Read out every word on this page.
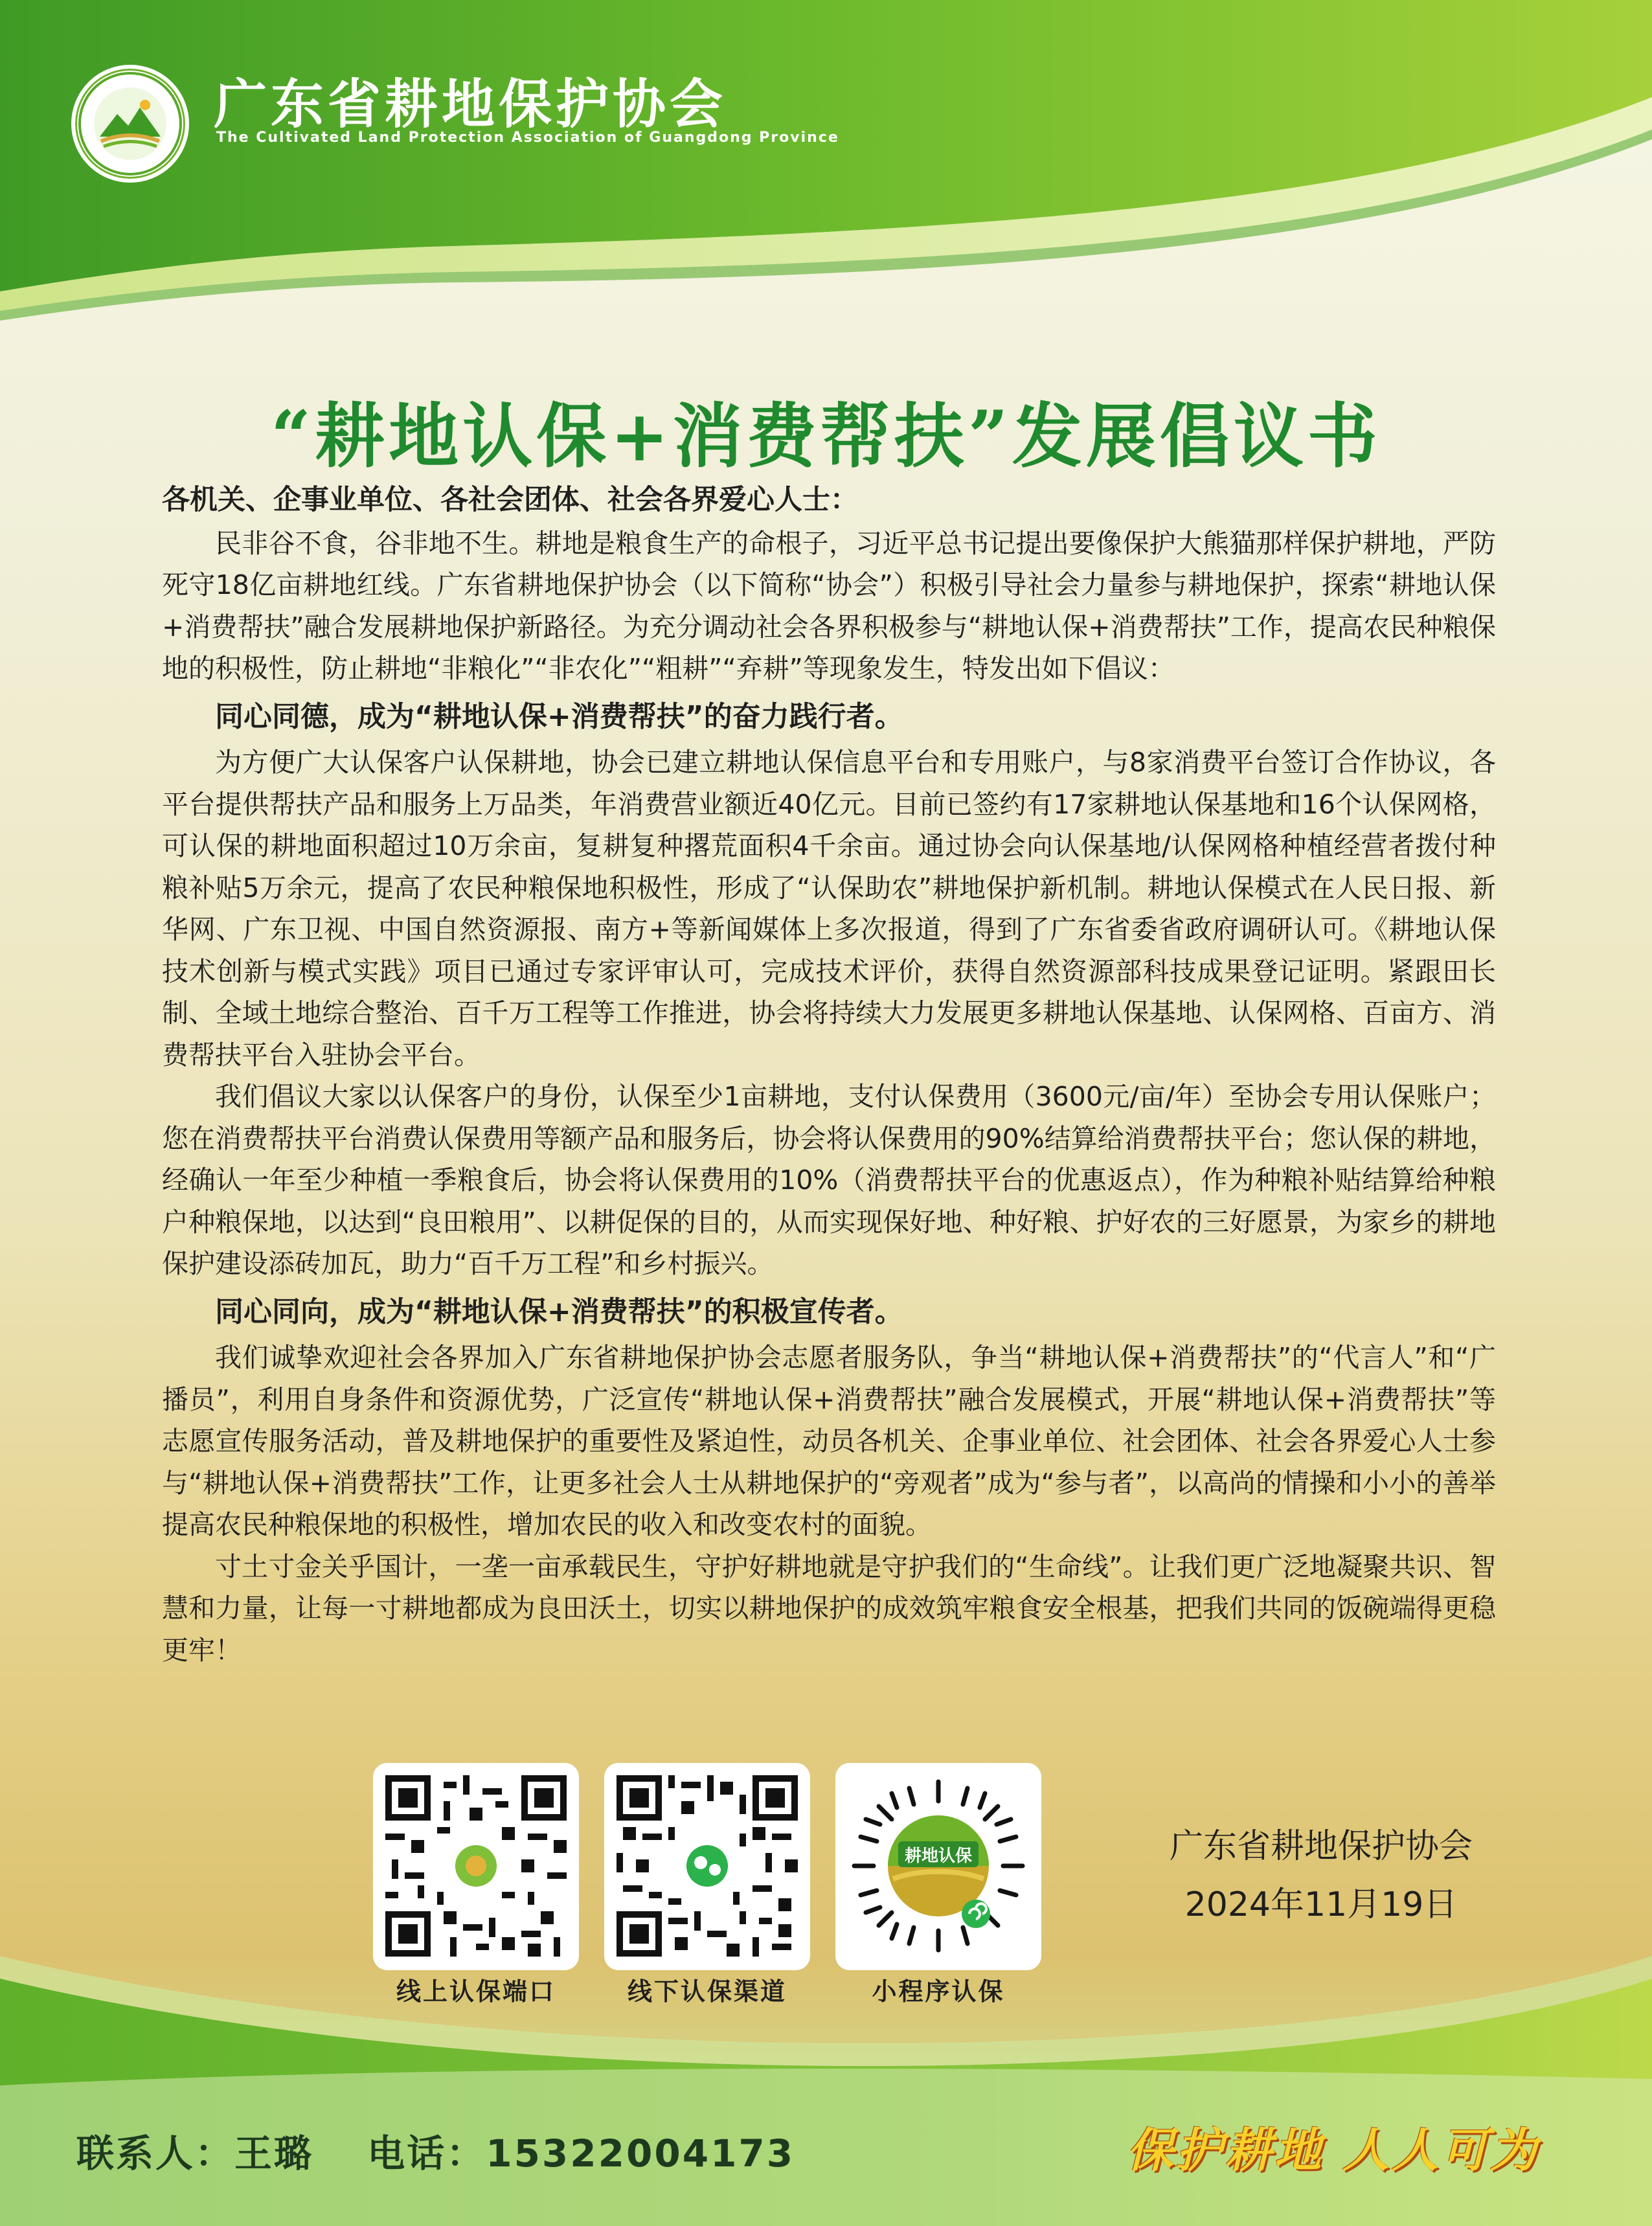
广东省耕地保护协会
The Cultivated Land Protection Association of Guangdong Province
“耕地认保+消费帮扶”发展倡议书

各机关、企事业单位、各社会团体、社会各界爱心人士：

民非谷不食，谷非地不生。耕地是粮食生产的命根子，习近平总书记提出要像保护大熊猫那样保护耕地，严防死守18亿亩耕地红线。广东省耕地保护协会（以下简称“协会”）积极引导社会力量参与耕地保护，探索“耕地认保+消费帮扶”融合发展耕地保护新路径。为充分调动社会各界积极参与“耕地认保+消费帮扶”工作，提高农民种粮保地的积极性，防止耕地“非粮化”“非农化”“粗耕”“弃耕”等现象发生，特发出如下倡议：

同心同德，成为“耕地认保+消费帮扶”的奋力践行者。

为方便广大认保客户认保耕地，协会已建立耕地认保信息平台和专用账户，与8家消费平台签订合作协议，各平台提供帮扶产品和服务上万品类，年消费营业额近40亿元。目前已签约有17家耕地认保基地和16个认保网格，可认保的耕地面积超过10万余亩，复耕复种撂荒面积4千余亩。通过协会向认保基地/认保网格种植经营者拨付种粮补贴5万余元，提高了农民种粮保地积极性，形成了“认保助农”耕地保护新机制。耕地认保模式在人民日报、新华网、广东卫视、中国自然资源报、南方+等新闻媒体上多次报道，得到了广东省委省政府调研认可。《耕地认保技术创新与模式实践》项目已通过专家评审认可，完成技术评价，获得自然资源部科技成果登记证明。紧跟田长制、全域土地综合整治、百千万工程等工作推进，协会将持续大力发展更多耕地认保基地、认保网格、百亩方、消费帮扶平台入驻协会平台。

我们倡议大家以认保客户的身份，认保至少1亩耕地，支付认保费用（3600元/亩/年）至协会专用认保账户；您在消费帮扶平台消费认保费用等额产品和服务后，协会将认保费用的90%结算给消费帮扶平台；您认保的耕地，经确认一年至少种植一季粮食后，协会将认保费用的10%（消费帮扶平台的优惠返点），作为种粮补贴结算给种粮户种粮保地，以达到“良田粮用”、以耕促保的目的，从而实现保好地、种好粮、护好农的三好愿景，为家乡的耕地保护建设添砖加瓦，助力“百千万工程”和乡村振兴。

同心同向，成为“耕地认保+消费帮扶”的积极宣传者。

我们诚挚欢迎社会各界加入广东省耕地保护协会志愿者服务队，争当“耕地认保+消费帮扶”的“代言人”和“广播员”，利用自身条件和资源优势，广泛宣传“耕地认保+消费帮扶”融合发展模式，开展“耕地认保+消费帮扶”等志愿宣传服务活动，普及耕地保护的重要性及紧迫性，动员各机关、企事业单位、社会团体、社会各界爱心人士参与“耕地认保+消费帮扶”工作，让更多社会人士从耕地保护的“旁观者”成为“参与者”，以高尚的情操和小小的善举提高农民种粮保地的积极性，增加农民的收入和改变农村的面貌。

寸土寸金关乎国计，一垄一亩承载民生，守护好耕地就是守护我们的“生命线”。让我们更广泛地凝聚共识、智慧和力量，让每一寸耕地都成为良田沃土，切实以耕地保护的成效筑牢粮食安全根基，把我们共同的饭碗端得更稳更牢！

线上认保端口	线下认保渠道
耕地认保
小程序认保
广东省耕地保护协会
2024年11月19日
联系人：王璐 电话：15322004173	保护耕地 人人可为
